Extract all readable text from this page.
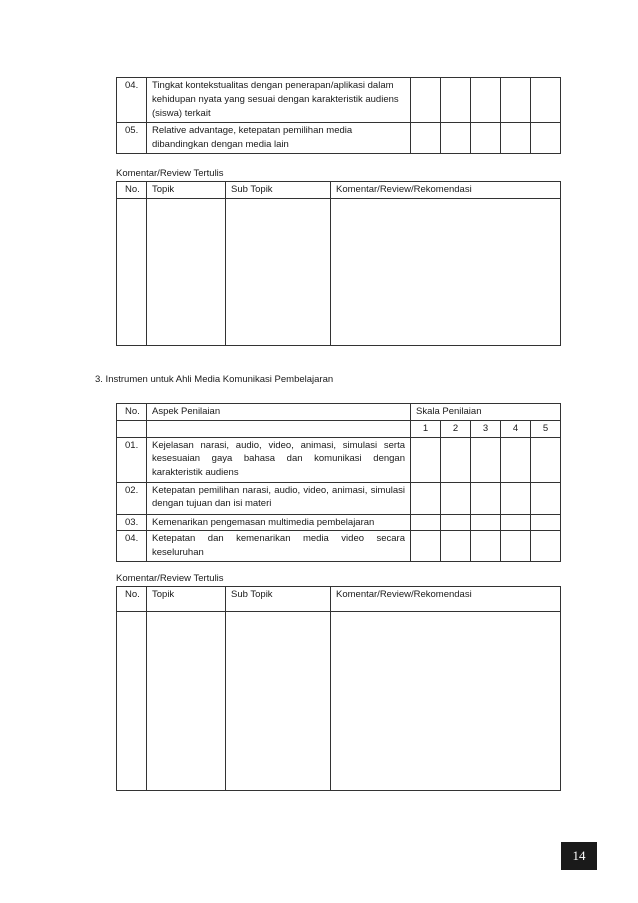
04.	Tingkat kontekstualitas dengan penerapan/aplikasi dalam kehidupan nyata yang sesuai dengan karakteristik audiens (siswa) terkait					
05.	Relative advantage, ketepatan pemilihan media dibandingkan dengan media lain					
Komentar/Review Tertulis
No.	Topik	Sub Topik	Komentar/Review/Rekomendasi

3. Instrumen untuk Ahli Media Komunikasi Pembelajaran
No.	Aspek Penilaian	Skala Penilaian				
		1	2	3	4	5
01.	Kejelasan narasi, audio, video, animasi, simulasi serta kesesuaian gaya bahasa dan komunikasi dengan karakteristik audiens					
02.	Ketepatan pemilihan narasi, audio, video, animasi, simulasi dengan tujuan dan isi materi					
03.	Kemenarikan pengemasan multimedia pembelajaran					
04.	Ketepatan dan kemenarikan media video secara keseluruhan					
Komentar/Review Tertulis
No.	Topik	Sub Topik	Komentar/Review/Rekomendasi

14
